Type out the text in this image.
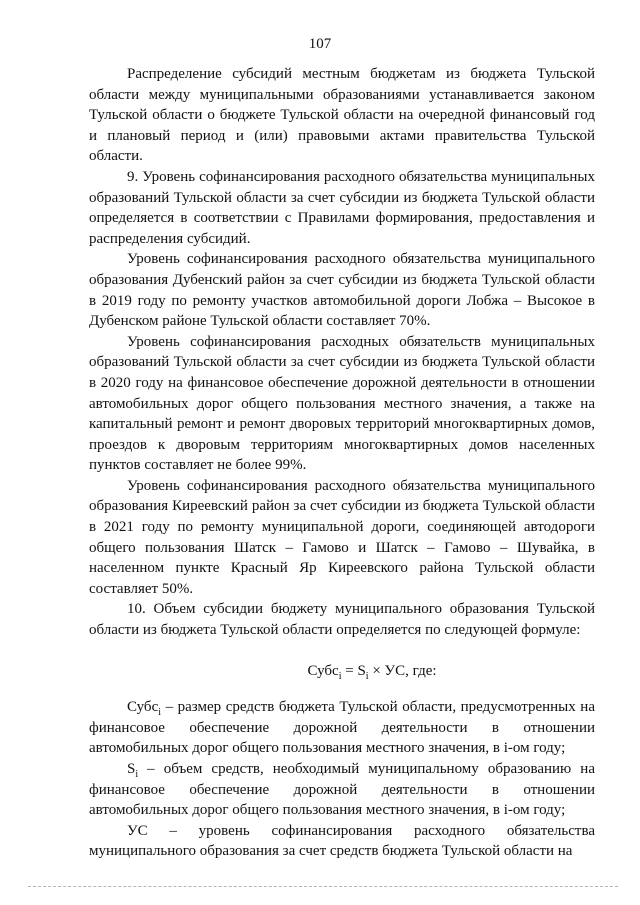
107

Распределение субсидий местным бюджетам из бюджета Тульской области между муниципальными образованиями устанавливается законом Тульской области о бюджете Тульской области на очередной финансовый год и плановый период и (или) правовыми актами правительства Тульской области.

9. Уровень софинансирования расходного обязательства муниципальных образований Тульской области за счет субсидии из бюджета Тульской области определяется в соответствии с Правилами формирования, предоставления и распределения субсидий.

Уровень софинансирования расходного обязательства муниципального образования Дубенский район за счет субсидии из бюджета Тульской области в 2019 году по ремонту участков автомобильной дороги Лобжа – Высокое в Дубенском районе Тульской области составляет 70%.

Уровень софинансирования расходных обязательств муниципальных образований Тульской области за счет субсидии из бюджета Тульской области в 2020 году на финансовое обеспечение дорожной деятельности в отношении автомобильных дорог общего пользования местного значения, а также на капитальный ремонт и ремонт дворовых территорий многоквартирных домов, проездов к дворовым территориям многоквартирных домов населенных пунктов составляет не более 99%.

Уровень софинансирования расходного обязательства муниципального образования Киреевский район за счет субсидии из бюджета Тульской области в 2021 году по ремонту муниципальной дороги, соединяющей автодороги общего пользования Шатск – Гамово и Шатск – Гамово – Шувайка, в населенном пункте Красный Яр Киреевского района Тульской области составляет 50%.

10. Объем субсидии бюджету муниципального образования Тульской области из бюджета Тульской области определяется по следующей формуле:

Субс$_i$ = $S_i$ × УС, где:

Субс$_i$ – размер средств бюджета Тульской области, предусмотренных на финансовое обеспечение дорожной деятельности в отношении автомобильных дорог общего пользования местного значения, в i-ом году;

$S_i$ – объем средств, необходимый муниципальному образованию на финансовое обеспечение дорожной деятельности в отношении автомобильных дорог общего пользования местного значения, в i-ом году;

УС – уровень софинансирования расходного обязательства муниципального образования за счет средств бюджета Тульской области на
